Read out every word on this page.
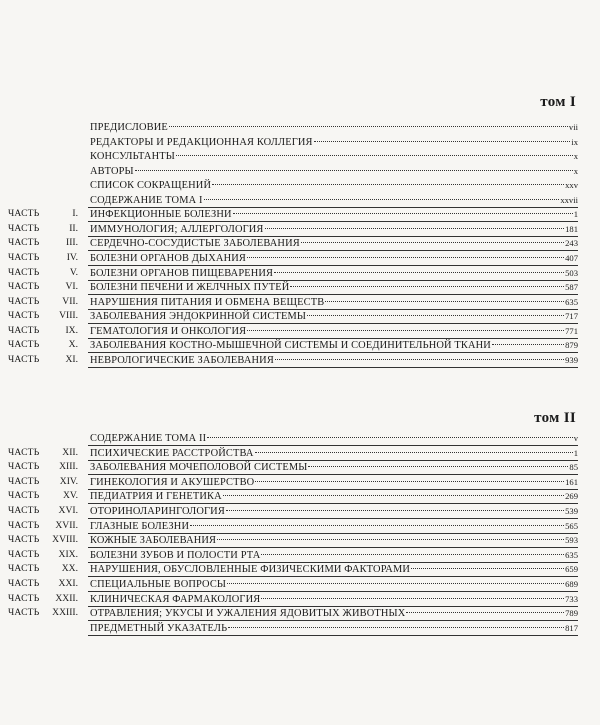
том I
ПРЕДИСЛОВИЕ	vii
РЕДАКТОРЫ И РЕДАКЦИОННАЯ КОЛЛЕГИЯ	ix
КОНСУЛЬТАНТЫ	x
АВТОРЫ	x
СПИСОК СОКРАЩЕНИЙ	xxv
СОДЕРЖАНИЕ ТОМА I	xxvii
ЧАСТЬ	I. ИНФЕКЦИОННЫЕ БОЛЕЗНИ	1
ЧАСТЬ	II. ИММУНОЛОГИЯ; АЛЛЕРГОЛОГИЯ	181
ЧАСТЬ	III. СЕРДЕЧНО-СОСУДИСТЫЕ ЗАБОЛЕВАНИЯ	243
ЧАСТЬ	IV. БОЛЕЗНИ ОРГАНОВ ДЫХАНИЯ	407
ЧАСТЬ	V. БОЛЕЗНИ ОРГАНОВ ПИЩЕВАРЕНИЯ	503
ЧАСТЬ	VI. БОЛЕЗНИ ПЕЧЕНИ И ЖЕЛЧНЫХ ПУТЕЙ	587
ЧАСТЬ	VII. НАРУШЕНИЯ ПИТАНИЯ И ОБМЕНА ВЕЩЕСТВ	635
ЧАСТЬ	VIII. ЗАБОЛЕВАНИЯ ЭНДОКРИННОЙ СИСТЕМЫ	717
ЧАСТЬ	IX. ГЕМАТОЛОГИЯ И ОНКОЛОГИЯ	771
ЧАСТЬ	X. ЗАБОЛЕВАНИЯ КОСТНО-МЫШЕЧНОЙ СИСТЕМЫ И СОЕДИНИТЕЛЬНОЙ ТКАНИ	879
ЧАСТЬ	XI. НЕВРОЛОГИЧЕСКИЕ ЗАБОЛЕВАНИЯ	939
том II
СОДЕРЖАНИЕ ТОМА II	v
ЧАСТЬ	XII. ПСИХИЧЕСКИЕ РАССТРОЙСТВА	1
ЧАСТЬ	XIII. ЗАБОЛЕВАНИЯ МОЧЕПОЛОВОЙ СИСТЕМЫ	85
ЧАСТЬ	XIV. ГИНЕКОЛОГИЯ И АКУШЕРСТВО	161
ЧАСТЬ	XV. ПЕДИАТРИЯ И ГЕНЕТИКА	269
ЧАСТЬ	XVI. ОТОРИНОЛАРИНГОЛОГИЯ	539
ЧАСТЬ	XVII. ГЛАЗНЫЕ БОЛЕЗНИ	565
ЧАСТЬ	XVIII. КОЖНЫЕ ЗАБОЛЕВАНИЯ	593
ЧАСТЬ	XIX. БОЛЕЗНИ ЗУБОВ И ПОЛОСТИ РТА	635
ЧАСТЬ	XX. НАРУШЕНИЯ, ОБУСЛОВЛЕННЫЕ ФИЗИЧЕСКИМИ ФАКТОРАМИ	659
ЧАСТЬ	XXI. СПЕЦИАЛЬНЫЕ ВОПРОСЫ	689
ЧАСТЬ	XXII. КЛИНИЧЕСКАЯ ФАРМАКОЛОГИЯ	733
ЧАСТЬ	XXIII. ОТРАВЛЕНИЯ; УКУСЫ И УЖАЛЕНИЯ ЯДОВИТЫХ ЖИВОТНЫХ	789
ПРЕДМЕТНЫЙ УКАЗАТЕЛЬ	817
